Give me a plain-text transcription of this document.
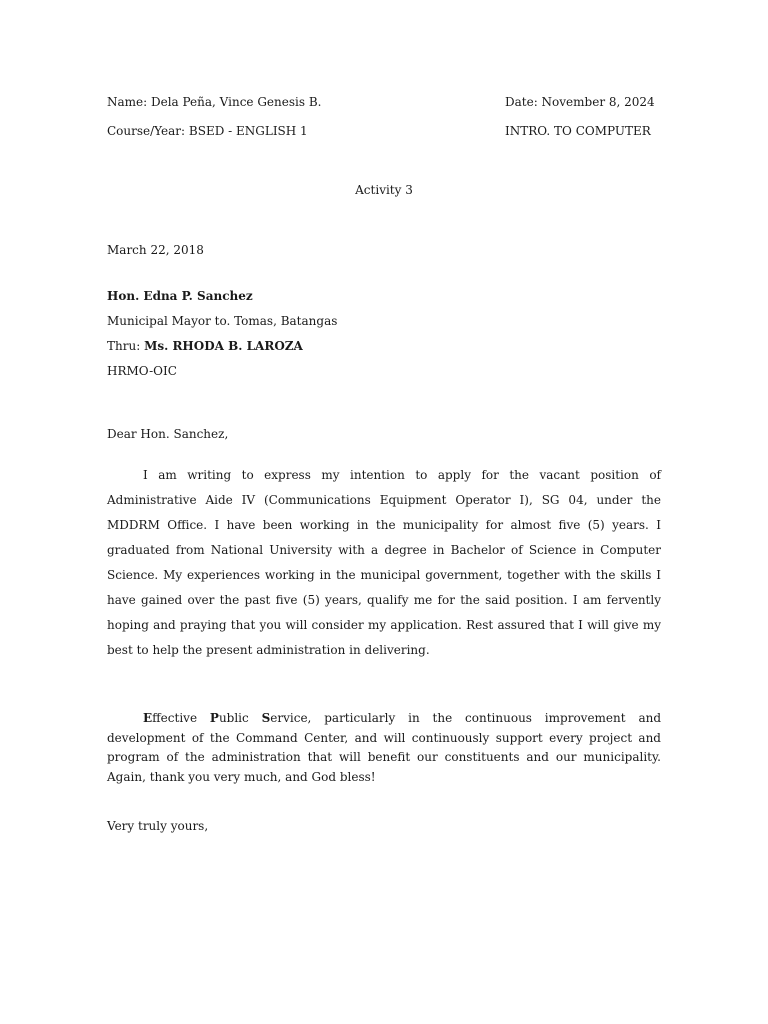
Name: Dela Peña, Vince Genesis B.	Date: November 8, 2024
Course/Year: BSED - ENGLISH 1	INTRO. TO COMPUTER
Activity 3
March 22, 2018
Hon. Edna P. Sanchez
Municipal Mayor to. Tomas, Batangas
Thru: Ms. RHODA B. LAROZA
HRMO-OIC
Dear Hon. Sanchez,
I am writing to express my intention to apply for the vacant position of Administrative Aide IV (Communications Equipment Operator I), SG 04, under the MDDRM Office. I have been working in the municipality for almost five (5) years. I graduated from National University with a degree in Bachelor of Science in Computer Science. My experiences working in the municipal government, together with the skills I have gained over the past five (5) years, qualify me for the said position. I am fervently hoping and praying that you will consider my application. Rest assured that I will give my best to help the present administration in delivering.
Effective Public Service, particularly in the continuous improvement and development of the Command Center, and will continuously support every project and program of the administration that will benefit our constituents and our municipality. Again, thank you very much, and God bless!
Very truly yours,
